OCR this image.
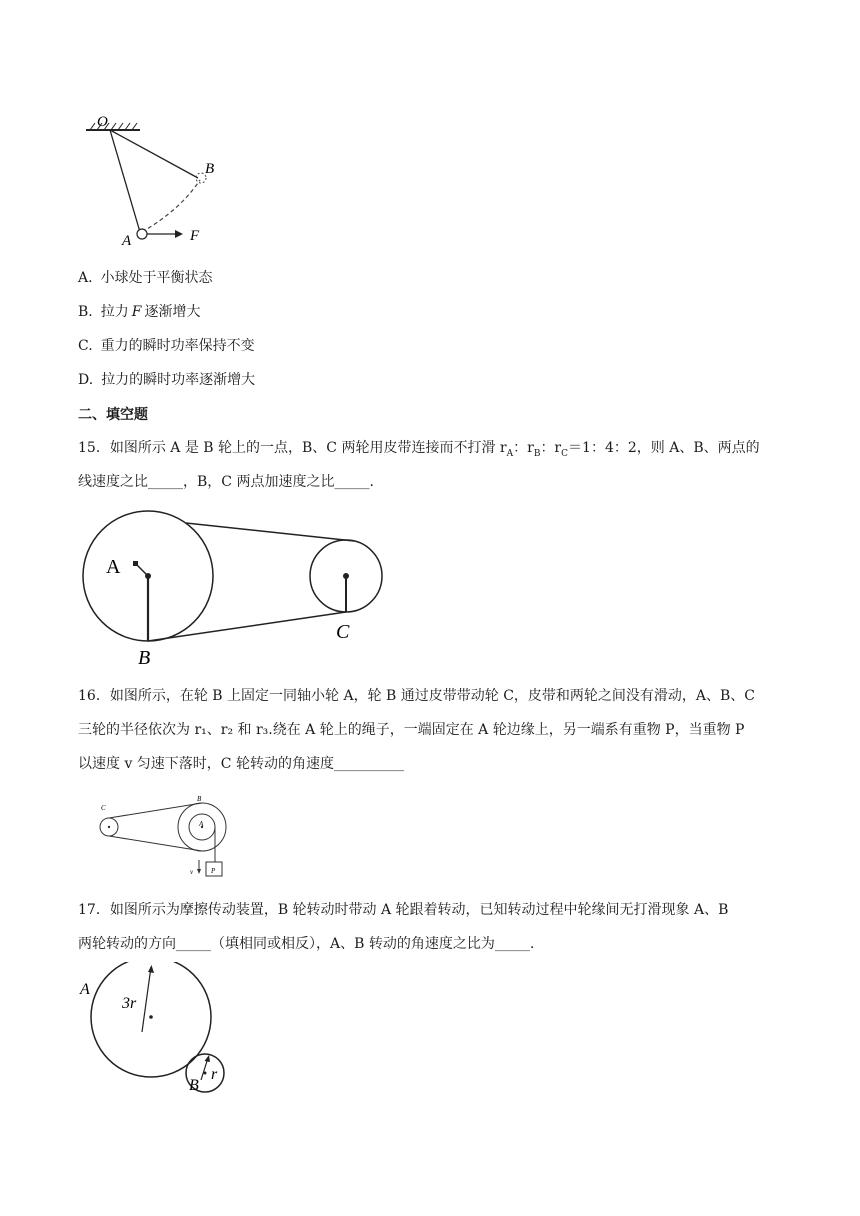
O
B
A	F
A. 小球处于平衡状态
B. 拉力 F 逐渐增大
C. 重力的瞬时功率保持不变
D. 拉力的瞬时功率逐渐增大
二、填空题
15．如图所示 A 是 B 轮上的一点，B、C 两轮用皮带连接而不打滑 $r_A$：$r_B$：$r_C=1$：4：2，则 A、B、两点的
线速度之比_____，B，C 两点加速度之比_____.
A
B
C
16．如图所示，在轮 B 上固定一同轴小轮 A，轮 B 通过皮带带动轮 C，皮带和两轮之间没有滑动，A、B、C
三轮的半径依次为 r₁、r₂ 和 r₃.绕在 A 轮上的绳子，一端固定在 A 轮边缘上，另一端系有重物 P，当重物 P
以速度 v 匀速下落时，C 轮转动的角速度__________
C
B
A
v	P
17．如图所示为摩擦传动装置，B 轮转动时带动 A 轮跟着转动，已知转动过程中轮缘间无打滑现象 A、B
两轮转动的方向_____（填相同或相反），A、B 转动的角速度之比为_____.
A
3r
r
B
